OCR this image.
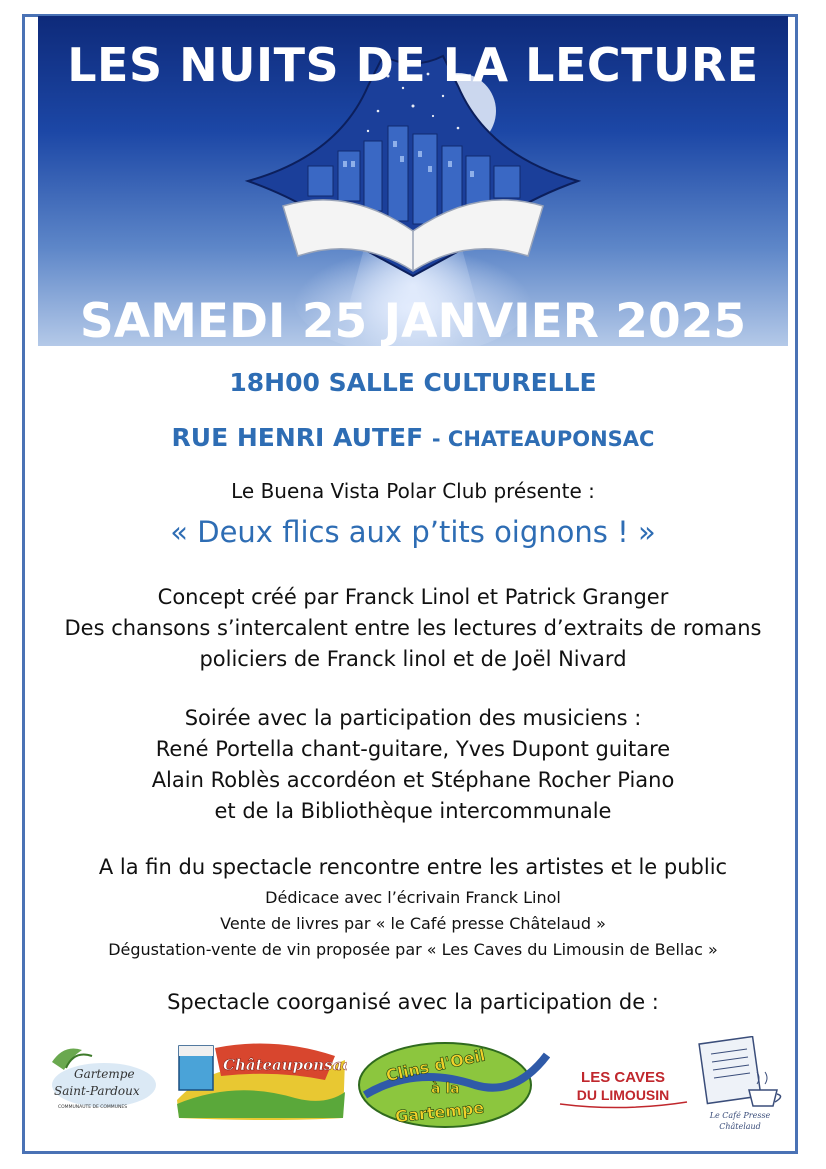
LES NUITS DE LA LECTURE
SAMEDI 25 JANVIER 2025
18H00 SALLE CULTURELLE
RUE HENRI AUTEF - CHATEAUPONSAC
Le Buena Vista Polar Club présente :
« Deux flics aux p’tits oignons ! »
Concept créé par Franck Linol et Patrick Granger
Des chansons s’intercalent entre les lectures d’extraits de romans
policiers de Franck linol et de Joël Nivard
Soirée avec la participation des musiciens :
René Portella chant-guitare, Yves Dupont guitare
Alain Roblès accordéon et Stéphane Rocher Piano
et de la Bibliothèque intercommunale
A la fin du spectacle rencontre entre les artistes et le public
Dédicace avec l’écrivain Franck Linol
Vente de livres par « le Café presse Châtelaud »
Dégustation-vente de vin proposée par « Les Caves du Limousin de Bellac »
Spectacle coorganisé avec la participation de :
Gartempe
Saint-Pardoux
COMMUNAUTE DE COMMUNES
Châteauponsac Clins d'Oeil
à la
Gartempe
LES CAVES
DU LIMOUSIN
Le Café Presse
Châtelaud
